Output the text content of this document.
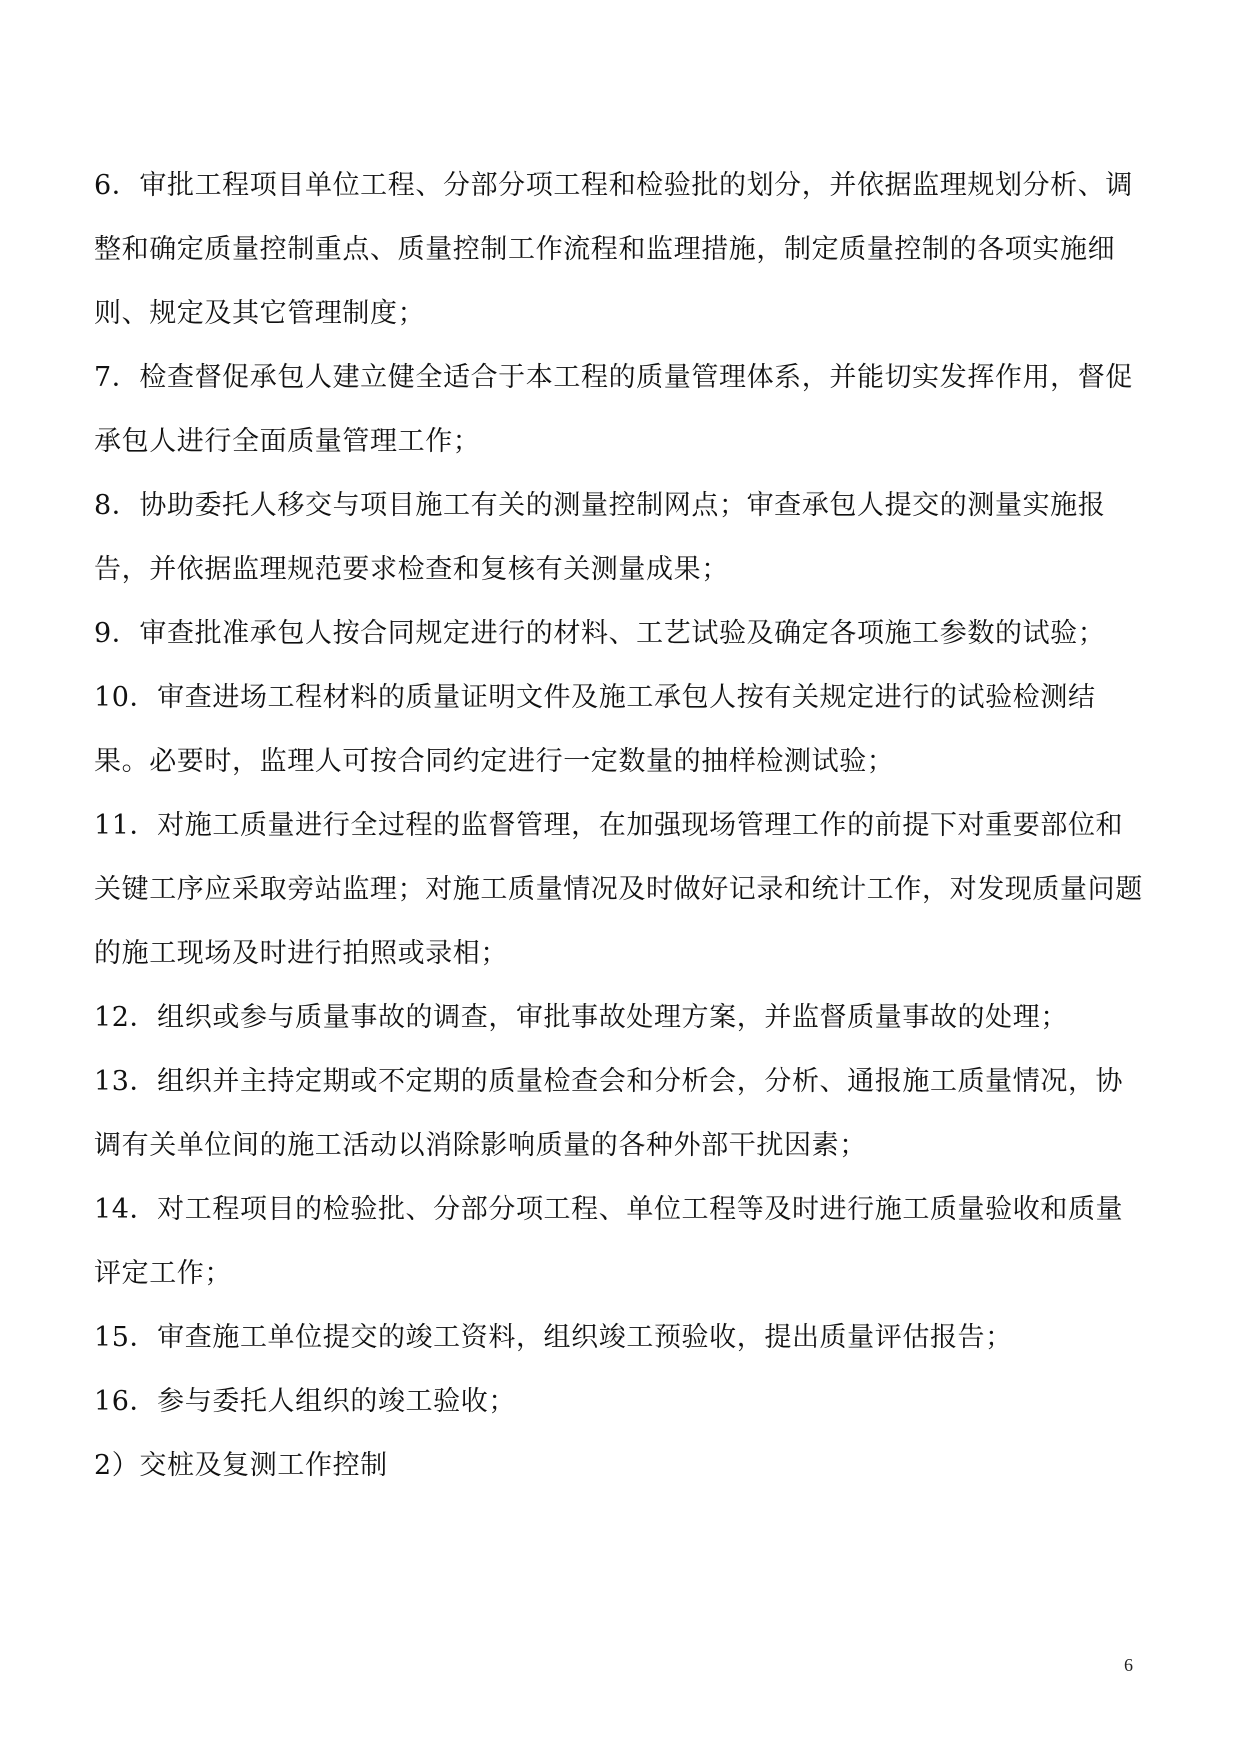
6．审批工程项目单位工程、分部分项工程和检验批的划分，并依据监理规划分析、调整和确定质量控制重点、质量控制工作流程和监理措施，制定质量控制的各项实施细则、规定及其它管理制度；

7．检查督促承包人建立健全适合于本工程的质量管理体系，并能切实发挥作用，督促承包人进行全面质量管理工作；

8．协助委托人移交与项目施工有关的测量控制网点；审查承包人提交的测量实施报告，并依据监理规范要求检查和复核有关测量成果；

9．审查批准承包人按合同规定进行的材料、工艺试验及确定各项施工参数的试验；

10．审查进场工程材料的质量证明文件及施工承包人按有关规定进行的试验检测结果。必要时，监理人可按合同约定进行一定数量的抽样检测试验；

11．对施工质量进行全过程的监督管理，在加强现场管理工作的前提下对重要部位和关键工序应采取旁站监理；对施工质量情况及时做好记录和统计工作，对发现质量问题的施工现场及时进行拍照或录相；

12．组织或参与质量事故的调查，审批事故处理方案，并监督质量事故的处理；

13．组织并主持定期或不定期的质量检查会和分析会，分析、通报施工质量情况，协调有关单位间的施工活动以消除影响质量的各种外部干扰因素；

14．对工程项目的检验批、分部分项工程、单位工程等及时进行施工质量验收和质量评定工作；

15．审查施工单位提交的竣工资料，组织竣工预验收，提出质量评估报告；

16．参与委托人组织的竣工验收；

2）交桩及复测工作控制

6
